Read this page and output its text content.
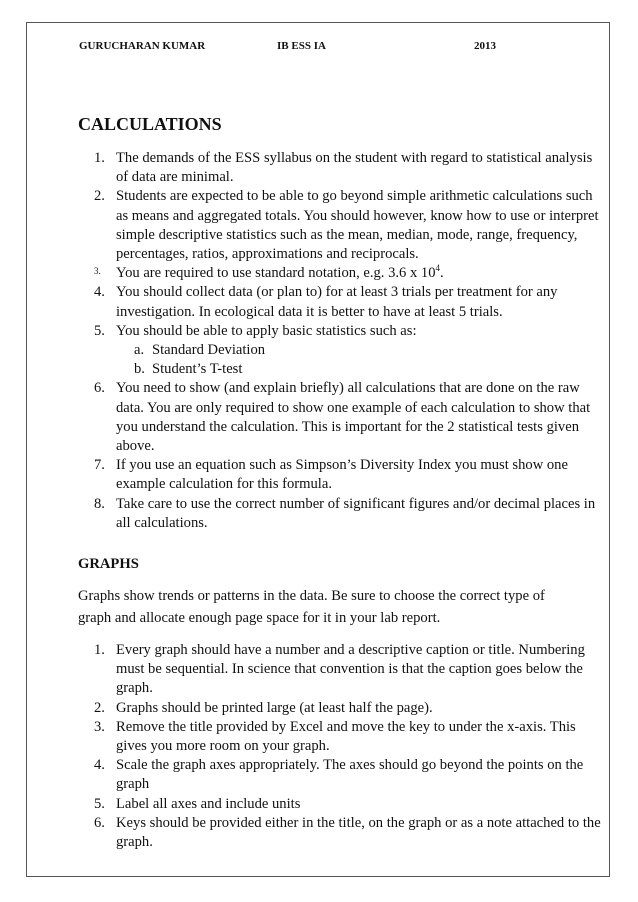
GURUCHARAN KUMAR	IB ESS IA	2013
CALCULATIONS
1. The demands of the ESS syllabus on the student with regard to statistical analysis of data are minimal.
2. Students are expected to be able to go beyond simple arithmetic calculations such as means and aggregated totals. You should however, know how to use or interpret simple descriptive statistics such as the mean, median, mode, range, frequency, percentages, ratios, approximations and reciprocals.
3. You are required to use standard notation, e.g. 3.6 x $10^4$.
4. You should collect data (or plan to) for at least 3 trials per treatment for any investigation. In ecological data it is better to have at least 5 trials.
5. You should be able to apply basic statistics such as:
a. Standard Deviation
b. Student’s T-test
6. You need to show (and explain briefly) all calculations that are done on the raw data. You are only required to show one example of each calculation to show that you understand the calculation. This is important for the 2 statistical tests given above.
7. If you use an equation such as Simpson’s Diversity Index you must show one example calculation for this formula.
8. Take care to use the correct number of significant figures and/or decimal places in all calculations.
GRAPHS

Graphs show trends or patterns in the data. Be sure to choose the correct type of graph and allocate enough page space for it in your lab report.

1. Every graph should have a number and a descriptive caption or title. Numbering must be sequential. In science that convention is that the caption goes below the graph.
2. Graphs should be printed large (at least half the page).
3. Remove the title provided by Excel and move the key to under the x-axis. This gives you more room on your graph.
4. Scale the graph axes appropriately. The axes should go beyond the points on the graph
5. Label all axes and include units
6. Keys should be provided either in the title, on the graph or as a note attached to the graph.
